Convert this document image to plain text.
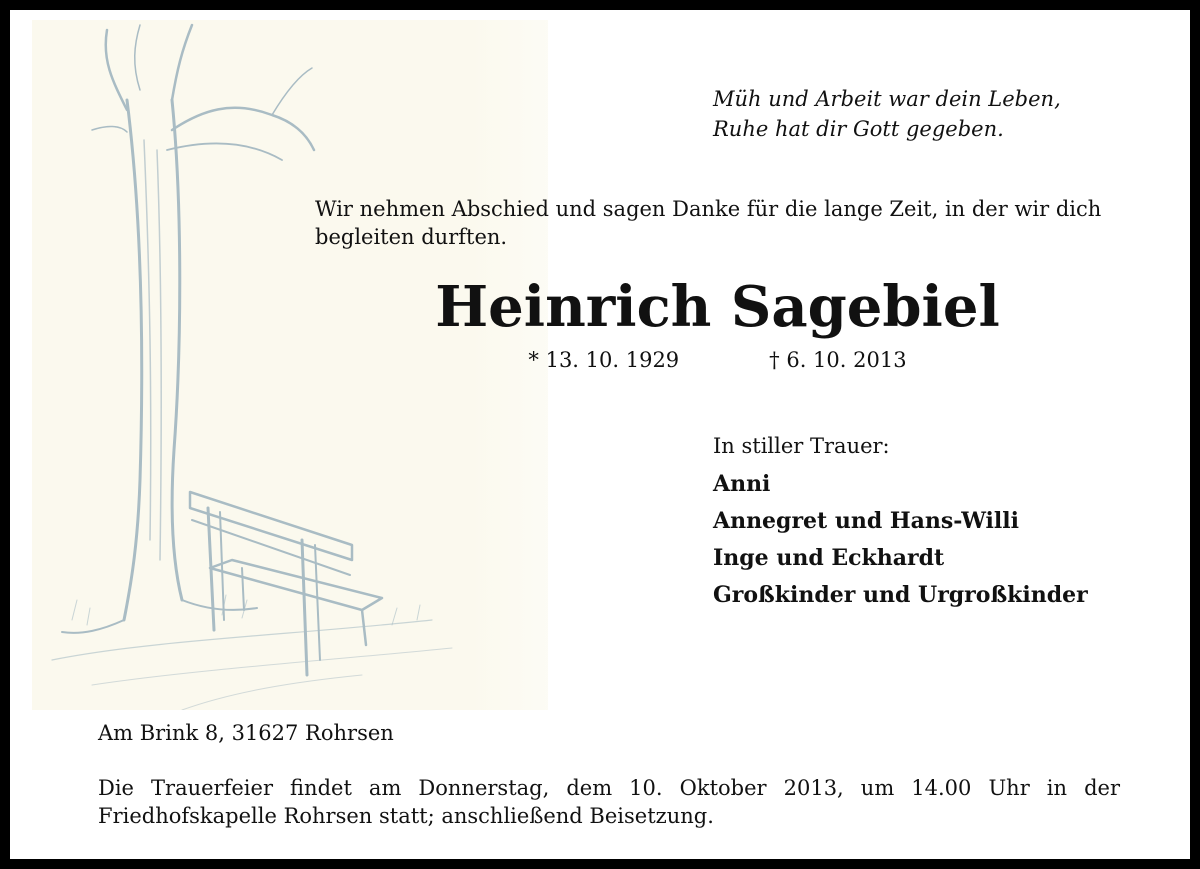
Müh und Arbeit war dein Leben,
Ruhe hat dir Gott gegeben.
Wir nehmen Abschied und sagen Danke für die lange Zeit, in der wir dich begleiten durften.
Heinrich Sagebiel
* 13. 10. 1929	† 6. 10. 2013
In stiller Trauer:
Anni
Annegret und Hans-Willi
Inge und Eckhardt
Großkinder und Urgroßkinder
Am Brink 8, 31627 Rohrsen
Die Trauerfeier findet am Donnerstag, dem 10. Oktober 2013, um 14.00 Uhr in der Friedhofskapelle Rohrsen statt; anschließend Beisetzung.
